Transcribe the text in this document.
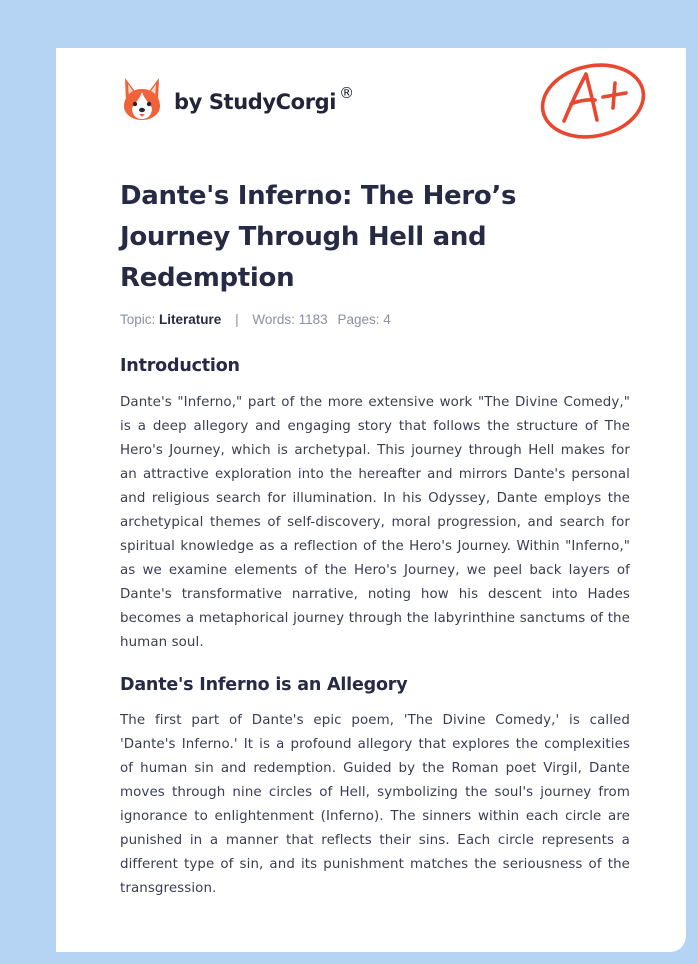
by StudyCorgi ®
Dante's Inferno: The Hero’s Journey Through Hell and Redemption
Topic: Literature | Words: 1183 Pages: 4
Introduction

Dante's "Inferno," part of the more extensive work "The Divine Comedy," is a deep allegory and engaging story that follows the structure of The Hero's Journey, which is archetypal. This journey through Hell makes for an attractive exploration into the hereafter and mirrors Dante's personal and religious search for illumination. In his Odyssey, Dante employs the archetypical themes of self-discovery, moral progression, and search for spiritual knowledge as a reflection of the Hero's Journey. Within "Inferno," as we examine elements of the Hero's Journey, we peel back layers of Dante's transformative narrative, noting how his descent into Hades becomes a metaphorical journey through the labyrinthine sanctums of the human soul.

Dante's Inferno is an Allegory

The first part of Dante's epic poem, 'The Divine Comedy,' is called 'Dante's Inferno.' It is a profound allegory that explores the complexities of human sin and redemption. Guided by the Roman poet Virgil, Dante moves through nine circles of Hell, symbolizing the soul's journey from ignorance to enlightenment (Inferno). The sinners within each circle are punished in a manner that reflects their sins. Each circle represents a different type of sin, and its punishment matches the seriousness of the transgression.
